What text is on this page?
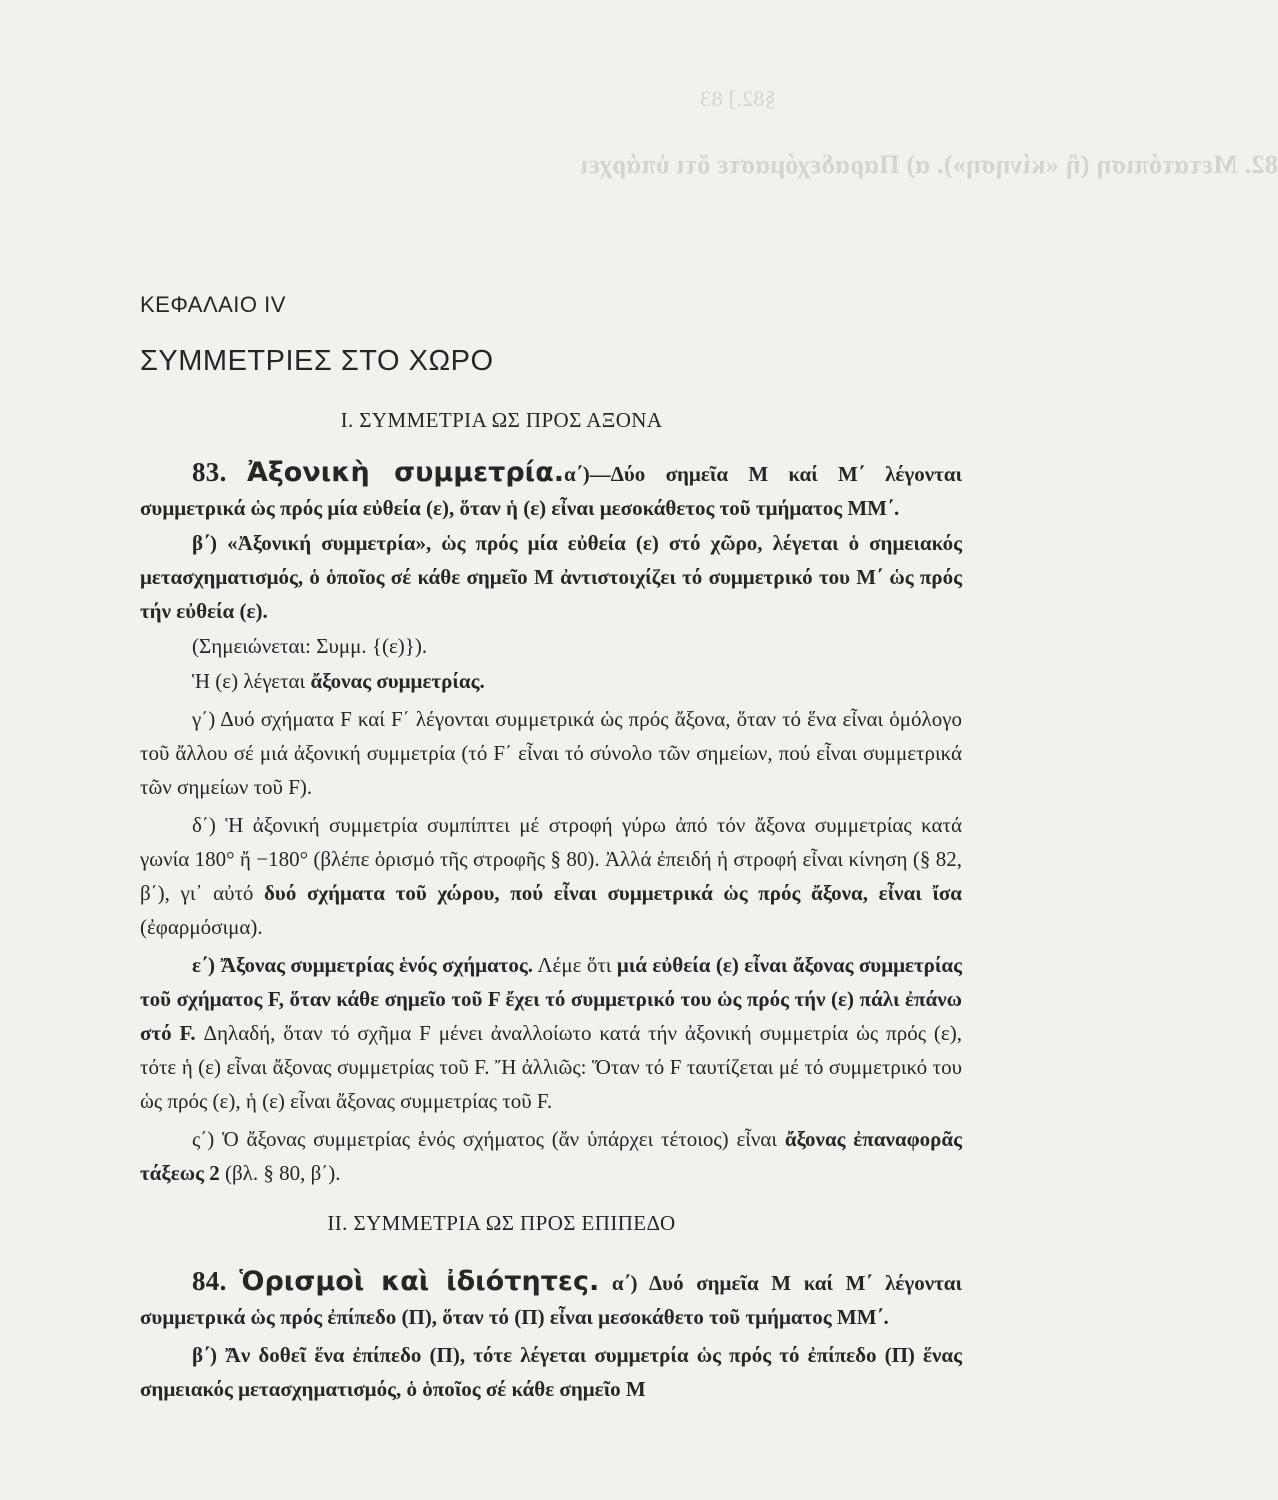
§82.] 83
82. Μετατόπιση (ἢ «κίνηση»). α) Παραδεχόμαστε ὅτι ὑπάρχει
ΚΕΦΑΛΑΙΟ IV
ΣΥΜΜΕΤΡΙΕΣ ΣΤΟ ΧΩΡΟ
I. ΣΥΜΜΕΤΡΙΑ ΩΣ ΠΡΟΣ ΑΞΟΝΑ

83. Ἀξονικὴ συμμετρία.α΄)—Δύο σημεῖα M καί M΄ λέγονται συμμετρικά ὡς πρός μία εὐθεία (ε), ὅταν ἡ (ε) εἶναι μεσοκάθετος τοῦ τμήματος MM΄.

β΄) «Ἀξονική συμμετρία», ὡς πρός μία εὐθεία (ε) στό χῶρο, λέγεται ὁ σημειακός μετασχηματισμός, ὁ ὁποῖος σέ κάθε σημεῖο M ἀντιστοιχίζει τό συμμετρικό του M΄ ὡς πρός τήν εὐθεία (ε).

(Σημειώνεται: Συμμ. {(ε)}).

Ἡ (ε) λέγεται ἄξονας συμμετρίας.

γ΄) Δυό σχήματα F καί F΄ λέγονται συμμετρικά ὡς πρός ἄξονα, ὅταν τό ἕνα εἶναι ὁμόλογο τοῦ ἄλλου σέ μιά ἀξονική συμμετρία (τό F΄ εἶναι τό σύνολο τῶν σημείων, πού εἶναι συμμετρικά τῶν σημείων τοῦ F).

δ΄) Ἡ ἀξονική συμμετρία συμπίπτει μέ στροφή γύρω ἀπό τόν ἄξονα συμμετρίας κατά γωνία 180° ἤ −180° (βλέπε ὁρισμό τῆς στροφῆς § 80). Ἀλλά ἐπειδή ἡ στροφή εἶναι κίνηση (§ 82, β΄), γι᾽ αὐτό δυό σχήματα τοῦ χώρου, πού εἶναι συμμετρικά ὡς πρός ἄξονα, εἶναι ἴσα (ἐφαρμόσιμα).

ε΄) Ἄξονας συμμετρίας ἑνός σχήματος. Λέμε ὅτι μιά εὐθεία (ε) εἶναι ἄξονας συμμετρίας τοῦ σχήματος F, ὅταν κάθε σημεῖο τοῦ F ἔχει τό συμμετρικό του ὡς πρός τήν (ε) πάλι ἐπάνω στό F. Δηλαδή, ὅταν τό σχῆμα F μένει ἀναλλοίωτο κατά τήν ἀξονική συμμετρία ὡς πρός (ε), τότε ἡ (ε) εἶναι ἄξονας συμμετρίας τοῦ F. Ἤ ἀλλιῶς: Ὅταν τό F ταυτίζεται μέ τό συμμετρικό του ὡς πρός (ε), ἡ (ε) εἶναι ἄξονας συμμετρίας τοῦ F.

ς΄) Ὁ ἄξονας συμμετρίας ἑνός σχήματος (ἄν ὑπάρχει τέτοιος) εἶναι ἄξονας ἐπαναφορᾶς τάξεως 2 (βλ. § 80, β΄).

II. ΣΥΜΜΕΤΡΙΑ ΩΣ ΠΡΟΣ ΕΠΙΠΕΔΟ

84. Ὁρισμοὶ καὶ ἰδιότητες. α΄) Δυό σημεῖα M καί M΄ λέγονται συμμετρικά ὡς πρός ἐπίπεδο (Π), ὅταν τό (Π) εἶναι μεσοκάθετο τοῦ τμήματος MM΄.

β΄) Ἄν δοθεῖ ἕνα ἐπίπεδο (Π), τότε λέγεται συμμετρία ὡς πρός τό ἐπίπεδο (Π) ἕνας σημειακός μετασχηματισμός, ὁ ὁποῖος σέ κάθε σημεῖο M
